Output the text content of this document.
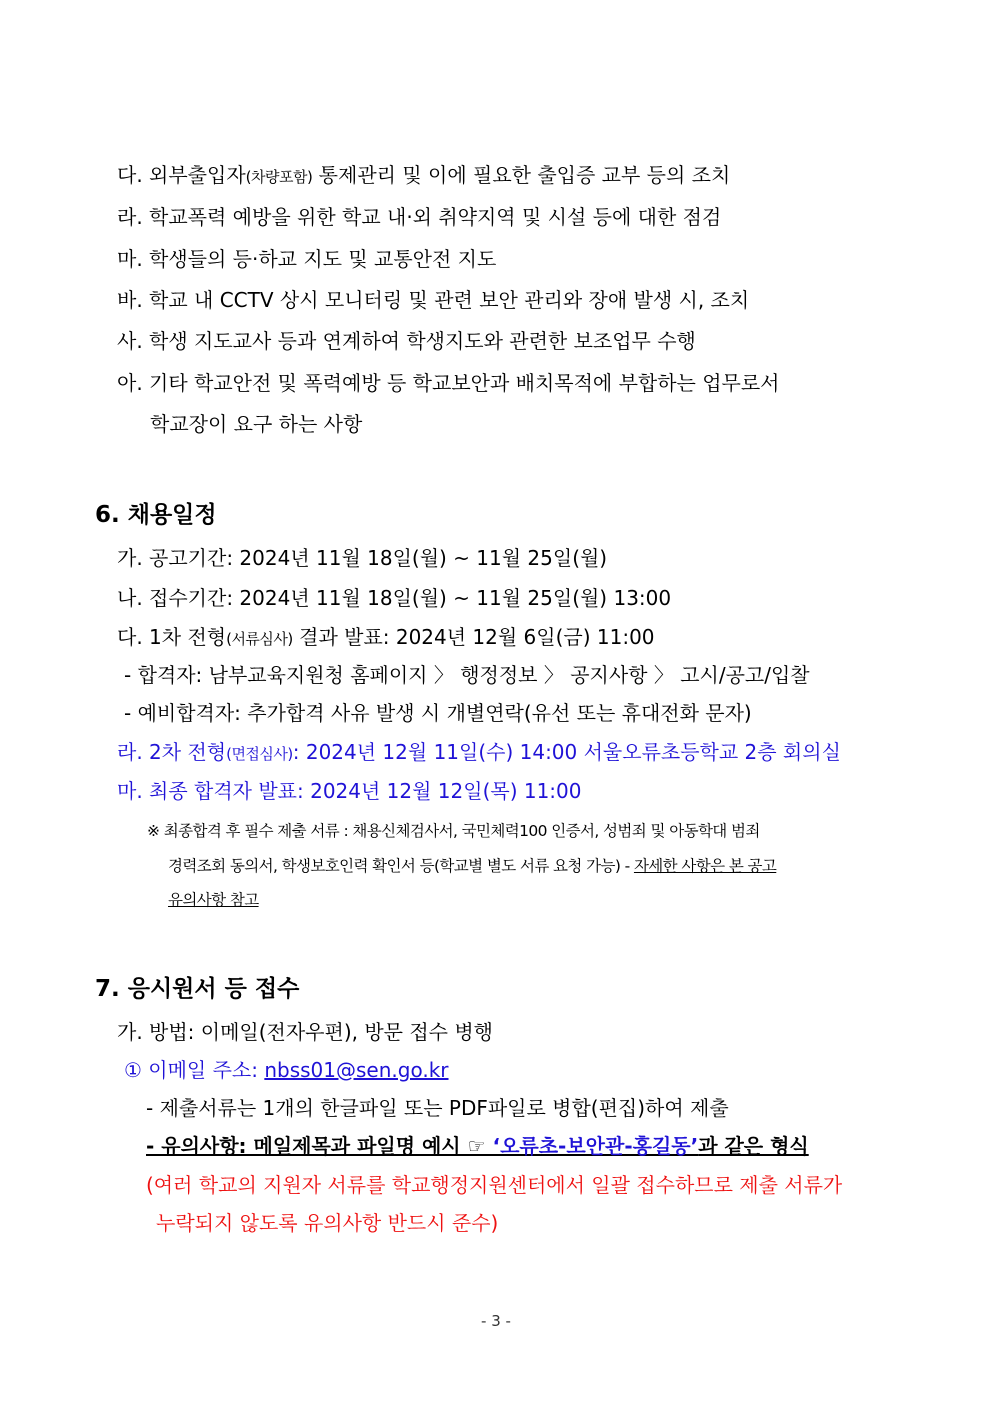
다. 외부출입자(차량포함) 통제관리 및 이에 필요한 출입증 교부 등의 조치
라. 학교폭력 예방을 위한 학교 내·외 취약지역 및 시설 등에 대한 점검
마. 학생들의 등·하교 지도 및 교통안전 지도
바. 학교 내 CCTV 상시 모니터링 및 관련 보안 관리와 장애 발생 시, 조치
사. 학생 지도교사 등과 연계하여 학생지도와 관련한 보조업무 수행
아. 기타 학교안전 및 폭력예방 등 학교보안과 배치목적에 부합하는 업무로서
학교장이 요구 하는 사항
6. 채용일정
가. 공고기간: 2024년 11월 18일(월) ~ 11월 25일(월)
나. 접수기간: 2024년 11월 18일(월) ~ 11월 25일(월) 13:00
다. 1차 전형(서류심사) 결과 발표: 2024년 12월 6일(금) 11:00
- 합격자: 남부교육지원청 홈페이지 〉 행정정보 〉 공지사항 〉 고시/공고/입찰
- 예비합격자: 추가합격 사유 발생 시 개별연락(유선 또는 휴대전화 문자)
라. 2차 전형(면접심사): 2024년 12월 11일(수) 14:00 서울오류초등학교 2층 회의실
마. 최종 합격자 발표: 2024년 12월 12일(목) 11:00
※ 최종합격 후 필수 제출 서류 : 채용신체검사서, 국민체력100 인증서, 성범죄 및 아동학대 범죄
경력조회 동의서, 학생보호인력 확인서 등(학교별 별도 서류 요청 가능) - 자세한 사항은 본 공고
유의사항 참고
7. 응시원서 등 접수
가. 방법: 이메일(전자우편), 방문 접수 병행
① 이메일 주소: nbss01@sen.go.kr
- 제출서류는 1개의 한글파일 또는 PDF파일로 병합(편집)하여 제출
- 유의사항: 메일제목과 파일명 예시 ☞ ‘오류초-보안관-홍길동’과 같은 형식
(여러 학교의 지원자 서류를 학교행정지원센터에서 일괄 접수하므로 제출 서류가
누락되지 않도록 유의사항 반드시 준수)
- 3 -
